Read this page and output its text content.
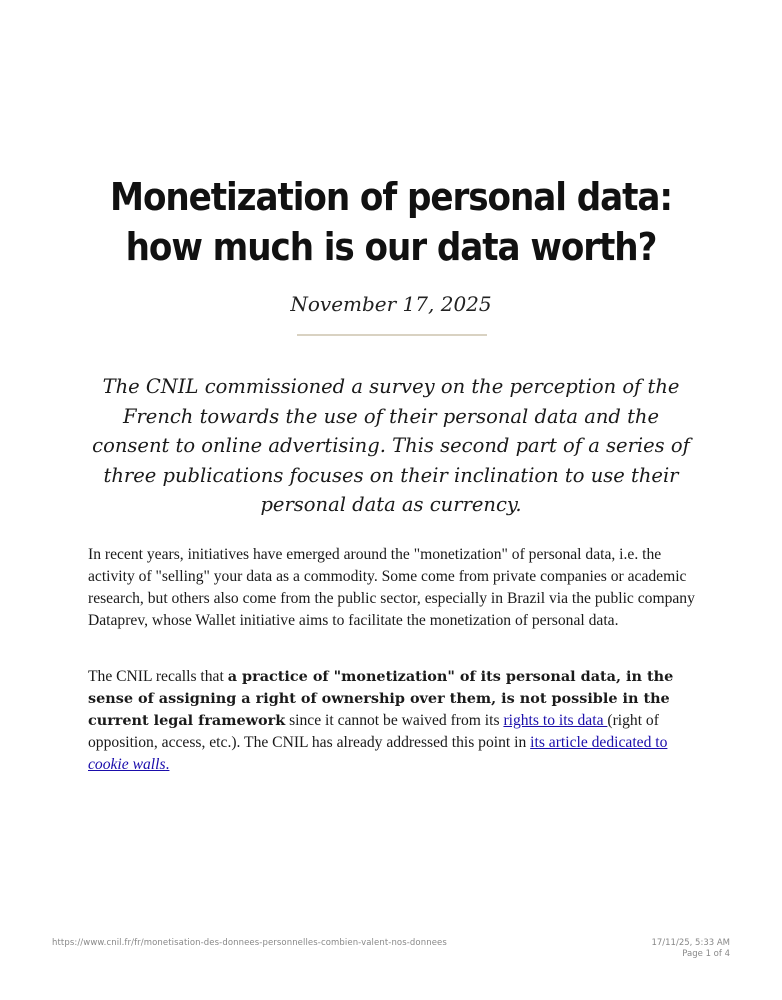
Monetization of personal data: how much is our data worth?
November 17, 2025

The CNIL commissioned a survey on the perception of the French towards the use of their personal data and the consent to online advertising. This second part of a series of three publications focuses on their inclination to use their personal data as currency.

In recent years, initiatives have emerged around the "monetization" of personal data, i.e. the activity of "selling" your data as a commodity. Some come from private companies or academic research, but others also come from the public sector, especially in Brazil via the public company Dataprev, whose Wallet initiative aims to facilitate the monetization of personal data.

The CNIL recalls that a practice of "monetization" of its personal data, in the sense of assigning a right of ownership over them, is not possible in the current legal framework since it cannot be waived from its rights to its data (right of opposition, access, etc.). The CNIL has already addressed this point in its article dedicated to cookie walls.

https://www.cnil.fr/fr/monetisation-des-donnees-personnelles-combien-valent-nos-donnees	17/11/25, 5:33 AM
Page 1 of 4
